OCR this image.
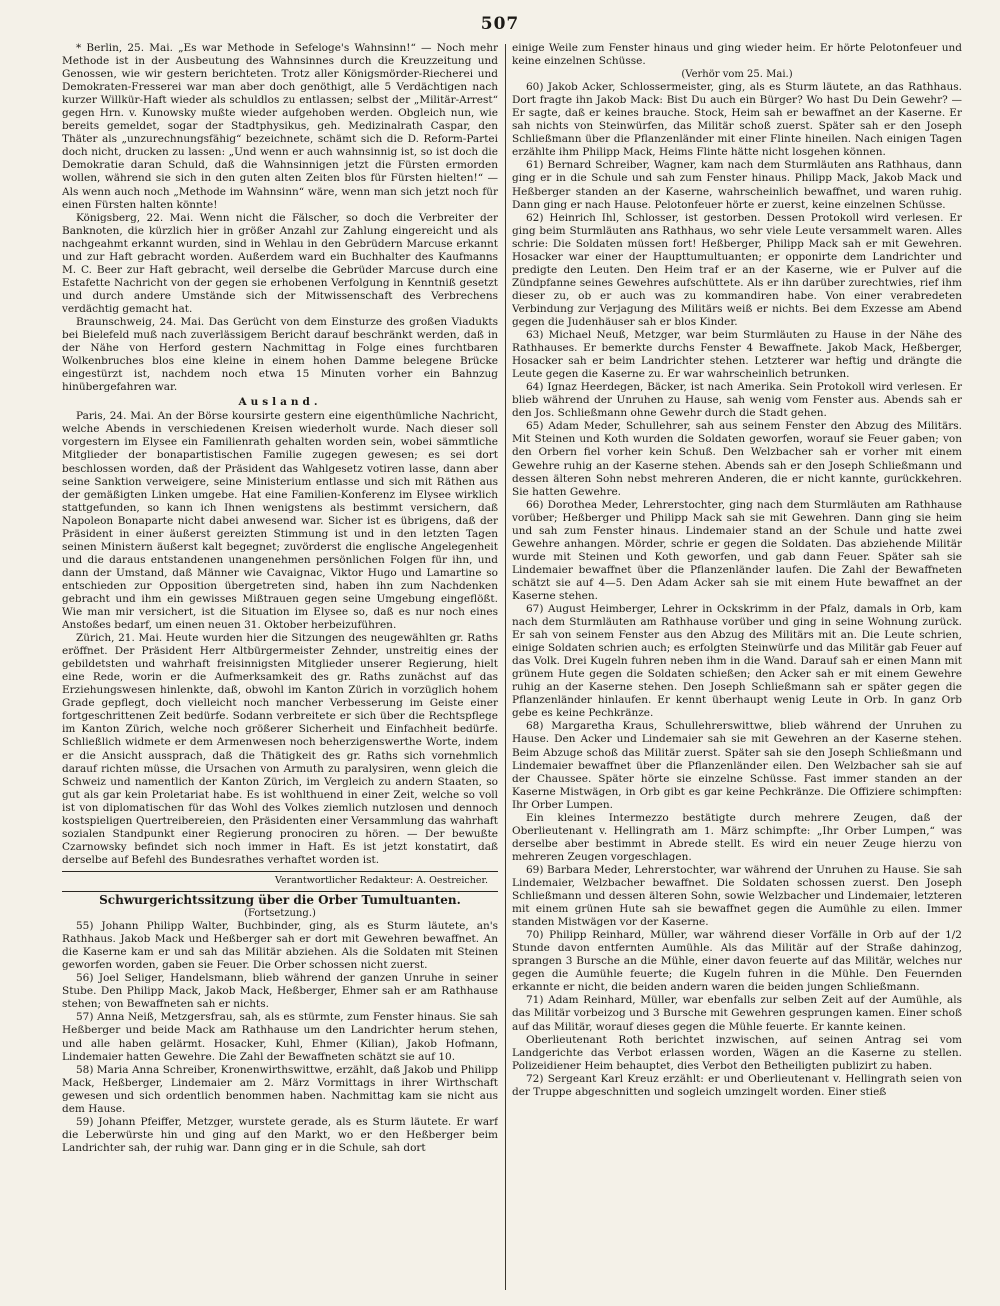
507

* Berlin, 25. Mai. „Es war Methode in Sefeloge's Wahnsinn!“ — Noch mehr Methode ist in der Ausbeutung des Wahnsinnes durch die Kreuzzeitung und Genossen, wie wir gestern berichteten. Trotz aller Königsmörder-Riecherei und Demokraten-Fresserei war man aber doch genöthigt, alle 5 Verdächtigen nach kurzer Willkür-Haft wieder als schuldlos zu entlassen; selbst der „Militär-Arrest“ gegen Hrn. v. Kunowsky mußte wieder aufgehoben werden. Obgleich nun, wie bereits gemeldet, sogar der Stadtphysikus, geh. Medizinalrath Caspar, den Thäter als „unzurechnungsfähig“ bezeichnete, schämt sich die D. Reform-Partei doch nicht, drucken zu lassen: „Und wenn er auch wahnsinnig ist, so ist doch die Demokratie daran Schuld, daß die Wahnsinnigen jetzt die Fürsten ermorden wollen, während sie sich in den guten alten Zeiten blos für Fürsten hielten!“ — Als wenn auch noch „Methode im Wahnsinn“ wäre, wenn man sich jetzt noch für einen Fürsten halten könnte!

Königsberg, 22. Mai. Wenn nicht die Fälscher, so doch die Verbreiter der Banknoten, die kürzlich hier in größer Anzahl zur Zahlung eingereicht und als nachgeahmt erkannt wurden, sind in Wehlau in den Gebrüdern Marcuse erkannt und zur Haft gebracht worden. Außerdem ward ein Buchhalter des Kaufmanns M. C. Beer zur Haft gebracht, weil derselbe die Gebrüder Marcuse durch eine Estafette Nachricht von der gegen sie erhobenen Verfolgung in Kenntniß gesetzt und durch andere Umstände sich der Mitwissenschaft des Verbrechens verdächtig gemacht hat.

Braunschweig, 24. Mai. Das Gerücht von dem Einsturze des großen Viadukts bei Bielefeld muß nach zuverlässigem Bericht darauf beschränkt werden, daß in der Nähe von Herford gestern Nachmittag in Folge eines furchtbaren Wolkenbruches blos eine kleine in einem hohen Damme belegene Brücke eingestürzt ist, nachdem noch etwa 15 Minuten vorher ein Bahnzug hinübergefahren war.

Ausland.

Paris, 24. Mai. An der Börse koursirte gestern eine eigenthümliche Nachricht, welche Abends in verschiedenen Kreisen wiederholt wurde. Nach dieser soll vorgestern im Elysee ein Familienrath gehalten worden sein, wobei sämmtliche Mitglieder der bonapartistischen Familie zugegen gewesen; es sei dort beschlossen worden, daß der Präsident das Wahlgesetz votiren lasse, dann aber seine Sanktion verweigere, seine Ministerium entlasse und sich mit Räthen aus der gemäßigten Linken umgebe. Hat eine Familien-Konferenz im Elysee wirklich stattgefunden, so kann ich Ihnen wenigstens als bestimmt versichern, daß Napoleon Bonaparte nicht dabei anwesend war. Sicher ist es übrigens, daß der Präsident in einer äußerst gereizten Stimmung ist und in den letzten Tagen seinen Ministern äußerst kalt begegnet; zuvörderst die englische Angelegenheit und die daraus entstandenen unangenehmen persönlichen Folgen für ihn, und dann der Umstand, daß Männer wie Cavaignac, Viktor Hugo und Lamartine so entschieden zur Opposition übergetreten sind, haben ihn zum Nachdenken gebracht und ihm ein gewisses Mißtrauen gegen seine Umgebung eingeflößt. Wie man mir versichert, ist die Situation im Elysee so, daß es nur noch eines Anstoßes bedarf, um einen neuen 31. Oktober herbeizuführen.

Zürich, 21. Mai. Heute wurden hier die Sitzungen des neugewählten gr. Raths eröffnet. Der Präsident Herr Altbürgermeister Zehnder, unstreitig eines der gebildetsten und wahrhaft freisinnigsten Mitglieder unserer Regierung, hielt eine Rede, worin er die Aufmerksamkeit des gr. Raths zunächst auf das Erziehungswesen hinlenkte, daß, obwohl im Kanton Zürich in vorzüglich hohem Grade gepflegt, doch vielleicht noch mancher Verbesserung im Geiste einer fortgeschrittenen Zeit bedürfe. Sodann verbreitete er sich über die Rechtspflege im Kanton Zürich, welche noch größerer Sicherheit und Einfachheit bedürfe. Schließlich widmete er dem Armenwesen noch beherzigenswerthe Worte, indem er die Ansicht aussprach, daß die Thätigkeit des gr. Raths sich vornehmlich darauf richten müsse, die Ursachen von Armuth zu paralysiren, wenn gleich die Schweiz und namentlich der Kanton Zürich, im Vergleich zu andern Staaten, so gut als gar kein Proletariat habe. Es ist wohlthuend in einer Zeit, welche so voll ist von diplomatischen für das Wohl des Volkes ziemlich nutzlosen und dennoch kostspieligen Quertreibereien, den Präsidenten einer Versammlung das wahrhaft sozialen Standpunkt einer Regierung pronociren zu hören. — Der bewußte Czarnowsky befindet sich noch immer in Haft. Es ist jetzt konstatirt, daß derselbe auf Befehl des Bundesrathes verhaftet worden ist.

Verantwortlicher Redakteur: A. Oestreicher.

Schwurgerichtssitzung über die Orber Tumultuanten.

(Fortsetzung.)

55) Johann Philipp Walter, Buchbinder, ging, als es Sturm läutete, an's Rathhaus. Jakob Mack und Heßberger sah er dort mit Gewehren bewaffnet. An die Kaserne kam er und sah das Militär abziehen. Als die Soldaten mit Steinen geworfen worden, gaben sie Feuer. Die Orber schossen nicht zuerst.

56) Joel Seliger, Handelsmann, blieb während der ganzen Unruhe in seiner Stube. Den Philipp Mack, Jakob Mack, Heßberger, Ehmer sah er am Rathhause stehen; von Bewaffneten sah er nichts.

57) Anna Neiß, Metzgersfrau, sah, als es stürmte, zum Fenster hinaus. Sie sah Heßberger und beide Mack am Rathhause um den Landrichter herum stehen, und alle haben gelärmt. Hosacker, Kuhl, Ehmer (Kilian), Jakob Hofmann, Lindemaier hatten Gewehre. Die Zahl der Bewaffneten schätzt sie auf 10.

58) Maria Anna Schreiber, Kronenwirthswittwe, erzählt, daß Jakob und Philipp Mack, Heßberger, Lindemaier am 2. März Vormittags in ihrer Wirthschaft gewesen und sich ordentlich benommen haben. Nachmittag kam sie nicht aus dem Hause.

59) Johann Pfeiffer, Metzger, wurstete gerade, als es Sturm läutete. Er warf die Leberwürste hin und ging auf den Markt, wo er den Heßberger beim Landrichter sah, der ruhig war. Dann ging er in die Schule, sah dort

einige Weile zum Fenster hinaus und ging wieder heim. Er hörte Pelotonfeuer und keine einzelnen Schüsse.

(Verhör vom 25. Mai.)

60) Jakob Acker, Schlossermeister, ging, als es Sturm läutete, an das Rathhaus. Dort fragte ihn Jakob Mack: Bist Du auch ein Bürger? Wo hast Du Dein Gewehr? — Er sagte, daß er keines brauche. Stock, Heim sah er bewaffnet an der Kaserne. Er sah nichts von Steinwürfen, das Militär schoß zuerst. Später sah er den Joseph Schließmann über die Pflanzenländer mit einer Flinte hineilen. Nach einigen Tagen erzählte ihm Philipp Mack, Heims Flinte hätte nicht losgehen können.

61) Bernard Schreiber, Wagner, kam nach dem Sturmläuten ans Rathhaus, dann ging er in die Schule und sah zum Fenster hinaus. Philipp Mack, Jakob Mack und Heßberger standen an der Kaserne, wahrscheinlich bewaffnet, und waren ruhig. Dann ging er nach Hause. Pelotonfeuer hörte er zuerst, keine einzelnen Schüsse.

62) Heinrich Ihl, Schlosser, ist gestorben. Dessen Protokoll wird verlesen. Er ging beim Sturmläuten ans Rathhaus, wo sehr viele Leute versammelt waren. Alles schrie: Die Soldaten müssen fort! Heßberger, Philipp Mack sah er mit Gewehren. Hosacker war einer der Haupttumultuanten; er opponirte dem Landrichter und predigte den Leuten. Den Heim traf er an der Kaserne, wie er Pulver auf die Zündpfanne seines Gewehres aufschüttete. Als er ihn darüber zurechtwies, rief ihm dieser zu, ob er auch was zu kommandiren habe. Von einer verabredeten Verbindung zur Verjagung des Militärs weiß er nichts. Bei dem Exzesse am Abend gegen die Judenhäuser sah er blos Kinder.

63) Michael Neuß, Metzger, war beim Sturmläuten zu Hause in der Nähe des Rathhauses. Er bemerkte durchs Fenster 4 Bewaffnete. Jakob Mack, Heßberger, Hosacker sah er beim Landrichter stehen. Letzterer war heftig und drängte die Leute gegen die Kaserne zu. Er war wahrscheinlich betrunken.

64) Ignaz Heerdegen, Bäcker, ist nach Amerika. Sein Protokoll wird verlesen. Er blieb während der Unruhen zu Hause, sah wenig vom Fenster aus. Abends sah er den Jos. Schließmann ohne Gewehr durch die Stadt gehen.

65) Adam Meder, Schullehrer, sah aus seinem Fenster den Abzug des Militärs. Mit Steinen und Koth wurden die Soldaten geworfen, worauf sie Feuer gaben; von den Orbern fiel vorher kein Schuß. Den Welzbacher sah er vorher mit einem Gewehre ruhig an der Kaserne stehen. Abends sah er den Joseph Schließmann und dessen älteren Sohn nebst mehreren Anderen, die er nicht kannte, gurückkehren. Sie hatten Gewehre.

66) Dorothea Meder, Lehrerstochter, ging nach dem Sturmläuten am Rathhause vorüber; Heßberger und Philipp Mack sah sie mit Gewehren. Dann ging sie heim und sah zum Fenster hinaus. Lindemaier stand an der Schule und hatte zwei Gewehre anhangen. Mörder, schrie er gegen die Soldaten. Das abziehende Militär wurde mit Steinen und Koth geworfen, und gab dann Feuer. Später sah sie Lindemaier bewaffnet über die Pflanzenländer laufen. Die Zahl der Bewaffneten schätzt sie auf 4—5. Den Adam Acker sah sie mit einem Hute bewaffnet an der Kaserne stehen.

67) August Heimberger, Lehrer in Ockskrimm in der Pfalz, damals in Orb, kam nach dem Sturmläuten am Rathhause vorüber und ging in seine Wohnung zurück. Er sah von seinem Fenster aus den Abzug des Militärs mit an. Die Leute schrien, einige Soldaten schrien auch; es erfolgten Steinwürfe und das Militär gab Feuer auf das Volk. Drei Kugeln fuhren neben ihm in die Wand. Darauf sah er einen Mann mit grünem Hute gegen die Soldaten schießen; den Acker sah er mit einem Gewehre ruhig an der Kaserne stehen. Den Joseph Schließmann sah er später gegen die Pflanzenländer hinlaufen. Er kennt überhaupt wenig Leute in Orb. In ganz Orb gebe es keine Pechkränze.

68) Margaretha Kraus, Schullehrerswittwe, blieb während der Unruhen zu Hause. Den Acker und Lindemaier sah sie mit Gewehren an der Kaserne stehen. Beim Abzuge schoß das Militär zuerst. Später sah sie den Joseph Schließmann und Lindemaier bewaffnet über die Pflanzenländer eilen. Den Welzbacher sah sie auf der Chaussee. Später hörte sie einzelne Schüsse. Fast immer standen an der Kaserne Mistwägen, in Orb gibt es gar keine Pechkränze. Die Offiziere schimpften: Ihr Orber Lumpen.

Ein kleines Intermezzo bestätigte durch mehrere Zeugen, daß der Oberlieutenant v. Hellingrath am 1. März schimpfte: „Ihr Orber Lumpen,“ was derselbe aber bestimmt in Abrede stellt. Es wird ein neuer Zeuge hierzu von mehreren Zeugen vorgeschlagen.

69) Barbara Meder, Lehrerstochter, war während der Unruhen zu Hause. Sie sah Lindemaier, Welzbacher bewaffnet. Die Soldaten schossen zuerst. Den Joseph Schließmann und dessen älteren Sohn, sowie Welzbacher und Lindemaier, letzteren mit einem grünen Hute sah sie bewaffnet gegen die Aumühle zu eilen. Immer standen Mistwägen vor der Kaserne.

70) Philipp Reinhard, Müller, war während dieser Vorfälle in Orb auf der 1/2 Stunde davon entfernten Aumühle. Als das Militär auf der Straße dahinzog, sprangen 3 Bursche an die Mühle, einer davon feuerte auf das Militär, welches nur gegen die Aumühle feuerte; die Kugeln fuhren in die Mühle. Den Feuernden erkannte er nicht, die beiden andern waren die beiden jungen Schließmann.

71) Adam Reinhard, Müller, war ebenfalls zur selben Zeit auf der Aumühle, als das Militär vorbeizog und 3 Bursche mit Gewehren gesprungen kamen. Einer schoß auf das Militär, worauf dieses gegen die Mühle feuerte. Er kannte keinen.

Oberlieutenant Roth berichtet inzwischen, auf seinen Antrag sei vom Landgerichte das Verbot erlassen worden, Wägen an die Kaserne zu stellen. Polizeidiener Heim behauptet, dies Verbot den Betheiligten publizirt zu haben.

72) Sergeant Karl Kreuz erzählt: er und Oberlieutenant v. Hellingrath seien von der Truppe abgeschnitten und sogleich umzingelt worden. Einer stieß
